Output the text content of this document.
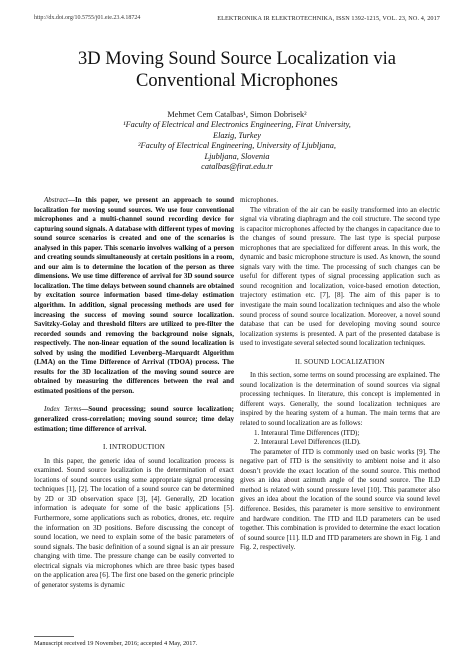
http://dx.doi.org/10.5755/j01.eie.23.4.18724	ELEKTRONIKA IR ELEKTROTECHNIKA, ISSN 1392-1215, VOL. 23, NO. 4, 2017
3D Moving Sound Source Localization via
Conventional Microphones
Mehmet Cem Catalbas¹, Simon Dobrisek²
¹Faculty of Electrical and Electronics Engineering, Firat University,
Elazig, Turkey
²Faculty of Electrical Engineering, University of Ljubljana,
Ljubljana, Slovenia
catalbas@firat.edu.tr

Abstract—In this paper, we present an approach to sound localization for moving sound sources. We use four conventional microphones and a multi-channel sound recording device for capturing sound signals. A database with different types of moving sound source scenarios is created and one of the scenarios is analysed in this paper. This scenario involves walking of a person and creating sounds simultaneously at certain positions in a room, and our aim is to determine the location of the person as three dimensions. We use time difference of arrival for 3D sound source localization. The time delays between sound channels are obtained by excitation source information based time-delay estimation algorithm. In addition, signal processing methods are used for increasing the success of moving sound source localization. Savitzky-Golay and threshold filters are utilized to pre-filter the recorded sounds and removing the background noise signals, respectively. The non-linear equation of the sound localization is solved by using the modified Levenberg–Marquardt Algorithm (LMA) on the Time Difference of Arrival (TDOA) process. The results for the 3D localization of the moving sound source are obtained by measuring the differences between the real and estimated positions of the person.

Index Terms—Sound processing; sound source localization; generalized cross-correlation; moving sound source; time delay estimation; time difference of arrival.

I. INTRODUCTION

In this paper, the generic idea of sound localization process is examined. Sound source localization is the determination of exact locations of sound sources using some appropriate signal processing techniques [1], [2]. The location of a sound source can be determined by 2D or 3D observation space [3], [4]. Generally, 2D location information is adequate for some of the basic applications [5]. Furthermore, some applications such as robotics, drones, etc. require the information on 3D positions. Before discussing the concept of sound location, we need to explain some of the basic parameters of sound signals. The basic definition of a sound signal is an air pressure changing with time. The pressure change can be easily converted to electrical signals via microphones which are three basic types based on the application area [6]. The first one based on the generic principle of generator systems is dynamic

microphones.

The vibration of the air can be easily transformed into an electric signal via vibrating diaphragm and the coil structure. The second type is capacitor microphones affected by the changes in capacitance due to the changes of sound pressure. The last type is special purpose microphones that are specialized for different areas. In this work, the dynamic and basic microphone structure is used. As known, the sound signals vary with the time. The processing of such changes can be useful for different types of signal processing application such as sound recognition and localization, voice-based emotion detection, trajectory estimation etc. [7], [8]. The aim of this paper is to investigate the main sound localization techniques and also the whole sound process of sound source localization. Moreover, a novel sound database that can be used for developing moving sound source localization systems is presented. A part of the presented database is used to investigate several selected sound localization techniques.

II. SOUND LOCALIZATION

In this section, some terms on sound processing are explained. The sound localization is the determination of sound sources via signal processing techniques. In literature, this concept is implemented in different ways. Generally, the sound localization techniques are inspired by the hearing system of a human. The main terms that are related to sound localization are as follows:

1. Interaural Time Differences (ITD);
2. Interaural Level Differences (ILD).

The parameter of ITD is commonly used on basic works [9]. The negative part of ITD is the sensitivity to ambient noise and it also doesn’t provide the exact location of the sound source. This method gives an idea about azimuth angle of the sound source. The ILD method is related with sound pressure level [10]. This parameter also gives an idea about the location of the sound source via sound level difference. Besides, this parameter is more sensitive to environment and hardware condition. The ITD and ILD parameters can be used together. This combination is provided to determine the exact location of sound source [11]. ILD and ITD parameters are shown in Fig. 1 and Fig. 2, respectively.

Manuscript received 19 November, 2016; accepted 4 May, 2017.
